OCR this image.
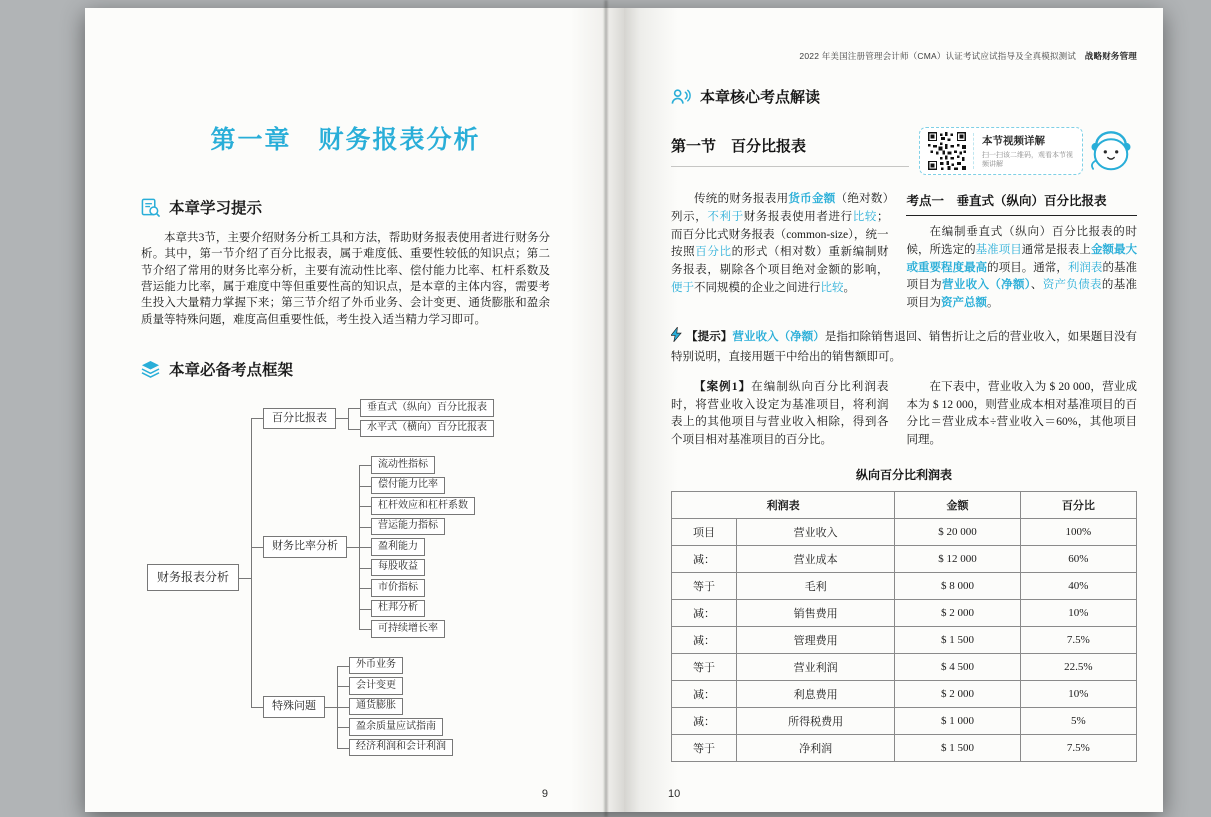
第一章　财务报表分析
本章学习提示

本章共3节，主要介绍财务分析工具和方法，帮助财务报表使用者进行财务分析。其中，第一节介绍了百分比报表，属于难度低、重要性较低的知识点；第二节介绍了常用的财务比率分析，主要有流动性比率、偿付能力比率、杠杆系数及营运能力比率，属于难度中等但重要性高的知识点，是本章的主体内容，需要考生投入大量精力掌握下来；第三节介绍了外币业务、会计变更、通货膨胀和盈余质量等特殊问题，难度高但重要性低，考生投入适当精力学习即可。

本章必备考点框架
财务报表分析
百分比报表
垂直式（纵向）百分比报表
水平式（横向）百分比报表
财务比率分析
流动性指标
偿付能力比率
杠杆效应和杠杆系数
营运能力指标
盈利能力
每股收益
市价指标
杜邦分析
可持续增长率
特殊问题
外币业务
会计变更
通货膨胀
盈余质量应试指南
经济利润和会计利润
9
2022 年美国注册管理会计师（CMA）认证考试应试指导及全真模拟测试　战略财务管理
本章核心考点解读
第一节　百分比报表	本节视频详解
扫一扫该二维码，观看本节视频讲解

传统的财务报表用货币金额（绝对数）列示，不利于财务报表使用者进行比较；而百分比式财务报表（common-size），统一按照百分比的形式（相对数）重新编制财务报表，剔除各个项目绝对金额的影响，便于不同规模的企业之间进行比较。

考点一　垂直式（纵向）百分比报表

在编制垂直式（纵向）百分比报表的时候，所选定的基准项目通常是报表上金额最大或重要程度最高的项目。通常，利润表的基准项目为营业收入（净额）、资产负债表的基准项目为资产总额。

【提示】营业收入（净额）是指扣除销售退回、销售折让之后的营业收入，如果题目没有特别说明，直接用题干中给出的销售额即可。

【案例1】在编制纵向百分比利润表时，将营业收入设定为基准项目，将利润表上的其他项目与营业收入相除，得到各个项目相对基准项目的百分比。

在下表中，营业收入为 $ 20 000，营业成本为 $ 12 000，则营业成本相对基准项目的百分比＝营业成本÷营业收入＝60%，其他项目同理。

纵向百分比利润表
利润表		金额	百分比
项目	营业收入	$ 20 000	100%
减：	营业成本	$ 12 000	60%
等于	毛利	$ 8 000	40%
减：	销售费用	$ 2 000	10%
减：	管理费用	$ 1 500	7.5%
等于	营业利润	$ 4 500	22.5%
减：	利息费用	$ 2 000	10%
减：	所得税费用	$ 1 000	5%
等于	净利润	$ 1 500	7.5%
10
